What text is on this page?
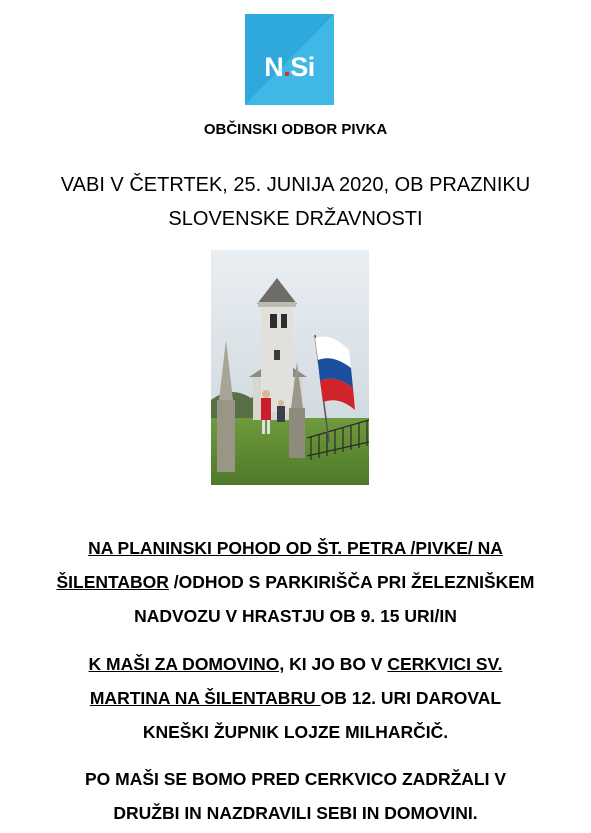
N.Si
OBČINSKI ODBOR PIVKA
VABI V ČETRTEK, 25. JUNIJA 2020, OB PRAZNIKU
SLOVENSKE DRŽAVNOSTI
NA PLANINSKI POHOD OD ŠT. PETRA /PIVKE/ NA
ŠILENTABOR /ODHOD S PARKIRIŠČA PRI ŽELEZNIŠKEM
NADVOZU V HRASTJU OB 9. 15 URI/IN
K MAŠI ZA DOMOVINO, KI JO BO V CERKVICI SV.
MARTINA NA ŠILENTABRU OB 12. URI DAROVAL
KNEŠKI ŽUPNIK LOJZE MILHARČIČ.
PO MAŠI SE BOMO PRED CERKVICO ZADRŽALI V
DRUŽBI IN NAZDRAVILI SEBI IN DOMOVINI.
